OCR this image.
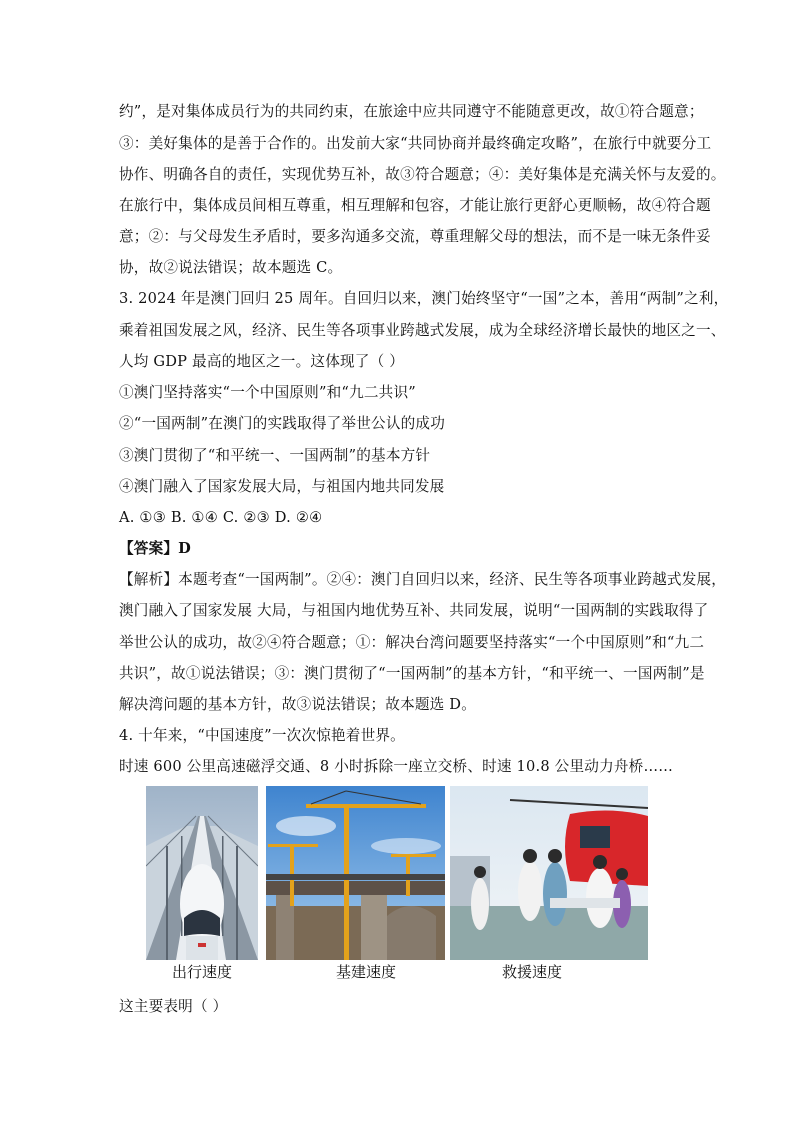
约”，是对集体成员行为的共同约束，在旅途中应共同遵守不能随意更改，故①符合题意；
③：美好集体的是善于合作的。出发前大家“共同协商并最终确定攻略”，在旅行中就要分工
协作、明确各自的责任，实现优势互补，故③符合题意；④：美好集体是充满关怀与友爱的。
在旅行中，集体成员间相互尊重，相互理解和包容，才能让旅行更舒心更顺畅，故④符合题
意；②：与父母发生矛盾时，要多沟通多交流，尊重理解父母的想法，而不是一味无条件妥
协，故②说法错误；故本题选 C。
3. 2024 年是澳门回归 25 周年。自回归以来，澳门始终坚守“一国”之本，善用“两制”之利，
乘着祖国发展之风，经济、民生等各项事业跨越式发展，成为全球经济增长最快的地区之一、
人均 GDP 最高的地区之一。这体现了（ ）
①澳门坚持落实“一个中国原则”和“九二共识”
②“一国两制”在澳门的实践取得了举世公认的成功
③澳门贯彻了“和平统一、一国两制”的基本方针
④澳门融入了国家发展大局，与祖国内地共同发展
A. ①③ B. ①④ C. ②③ D. ②④
【答案】D
【解析】本题考查“一国两制”。②④：澳门自回归以来，经济、民生等各项事业跨越式发展，
澳门融入了国家发展 大局，与祖国内地优势互补、共同发展，说明“一国两制的实践取得了
举世公认的成功，故②④符合题意；①：解决台湾问题要坚持落实“一个中国原则”和“九二
共识”，故①说法错误；③：澳门贯彻了“一国两制”的基本方针，“和平统一、一国两制”是
解决湾问题的基本方针，故③说法错误；故本题选 D。
4. 十年来，“中国速度”一次次惊艳着世界。
时速 600 公里高速磁浮交通、8 小时拆除一座立交桥、时速 10.8 公里动力舟桥……
出行速度	基建速度	救援速度
这主要表明（ ）
